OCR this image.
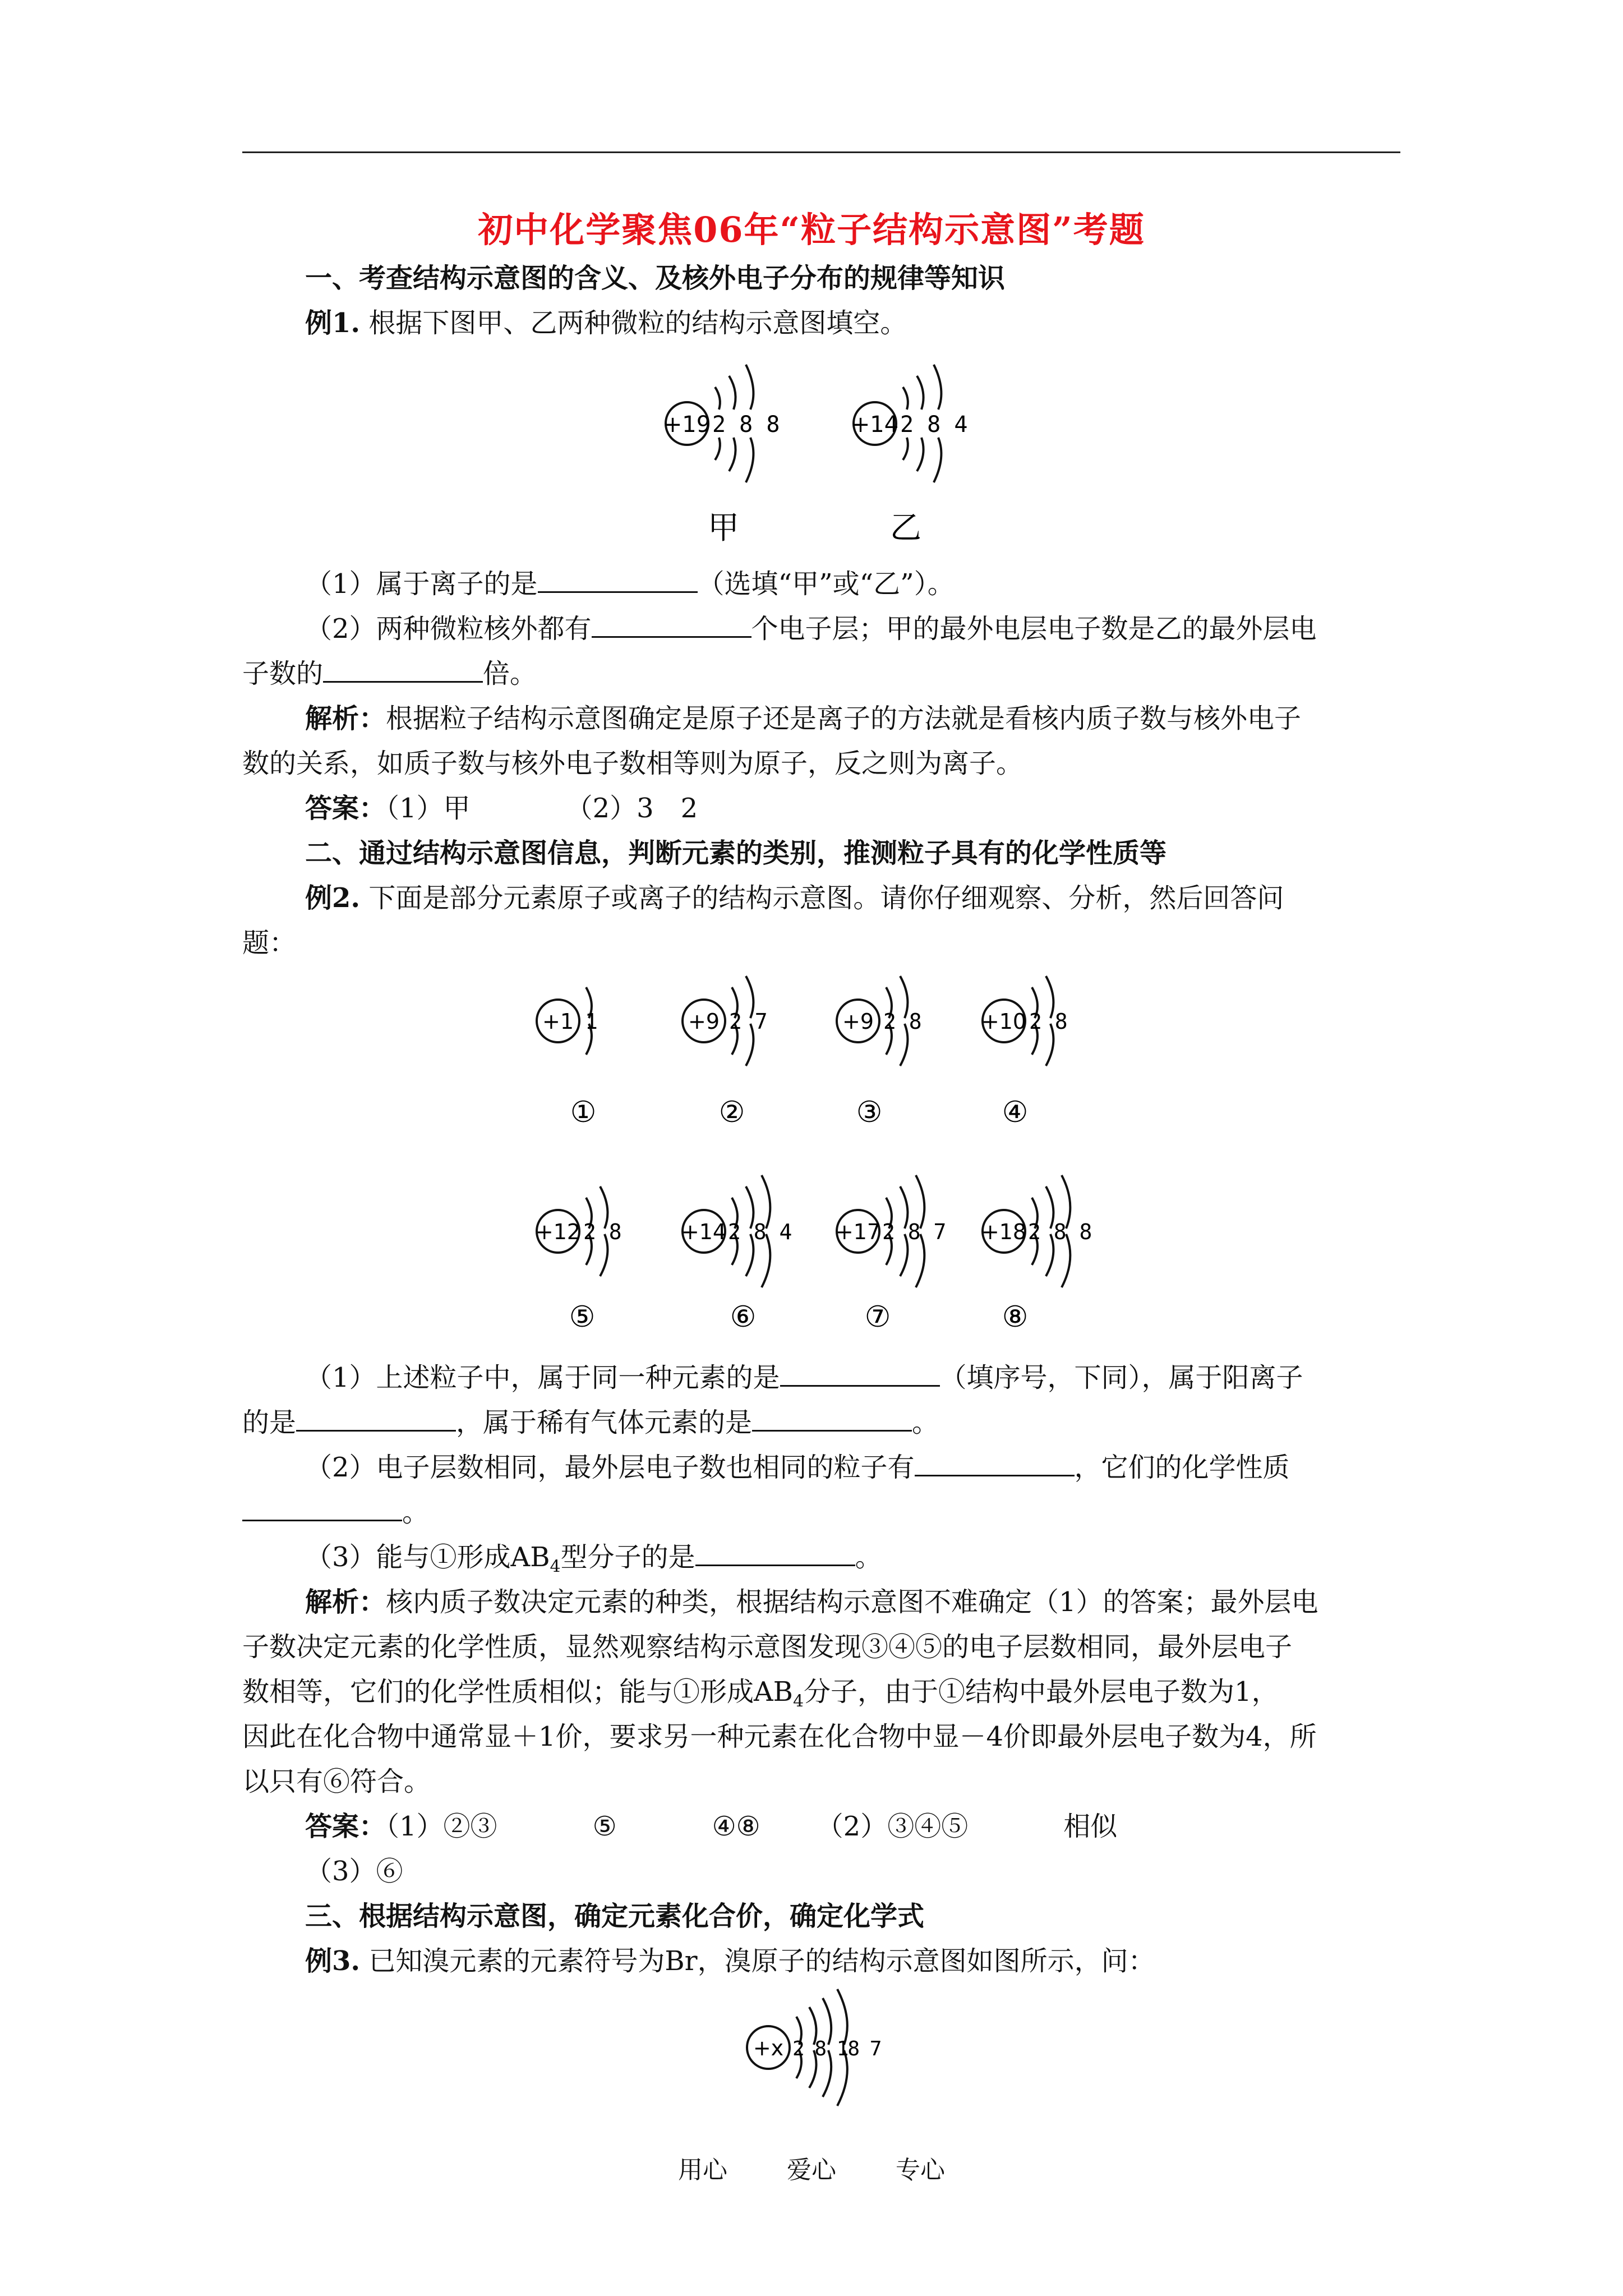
初中化学聚焦06年“粒子结构示意图”考题

一、考查结构示意图的含义、及核外电子分布的规律等知识

例1. 根据下图甲、乙两种微粒的结构示意图填空。

+19 2 8 8
甲
+14 2 8 4
乙

（1）属于离子的是	（选填“甲”或“乙”）。

（2）两种微粒核外都有	个电子层；甲的最外电层电子数是乙的最外层电

子数的	倍。

解析：根据粒子结构示意图确定是原子还是离子的方法就是看核内质子数与核外电子

数的关系，如质子数与核外电子数相等则为原子，反之则为离子。

答案：（1）甲	（2）3　2

二、通过结构示意图信息，判断元素的类别，推测粒子具有的化学性质等

例2. 下面是部分元素原子或离子的结构示意图。请你仔细观察、分析，然后回答问

题：

+1 1
①
+9 2 7
②
+9 2 8
③
+10 2 8
④
+12 2 8
⑤
+14 2 8 4
⑥
+17 2 8 7
⑦
+18 2 8 8
⑧

（1）上述粒子中，属于同一种元素的是	（填序号，下同），属于阳离子

的是	，属于稀有气体元素的是	。

（2）电子层数相同，最外层电子数也相同的粒子有	，它们的化学性质

。

（3）能与①形成$AB_4$型分子的是	。

解析：核内质子数决定元素的种类，根据结构示意图不难确定（1）的答案；最外层电

子数决定元素的化学性质，显然观察结构示意图发现③④⑤的电子层数相同，最外层电子

数相等，它们的化学性质相似；能与①形成$AB_4$分子，由于①结构中最外层电子数为1，

因此在化合物中通常显＋1价，要求另一种元素在化合物中显－4价即最外层电子数为4，所

以只有⑥符合。

答案：（1）②③	⑤	④⑧ （2）③④⑤	相似

（3）⑥

三、根据结构示意图，确定元素化合价，确定化学式

例3. 已知溴元素的元素符号为Br，溴原子的结构示意图如图所示，问：

+x 2 8 18 7
用心 爱心 专心
